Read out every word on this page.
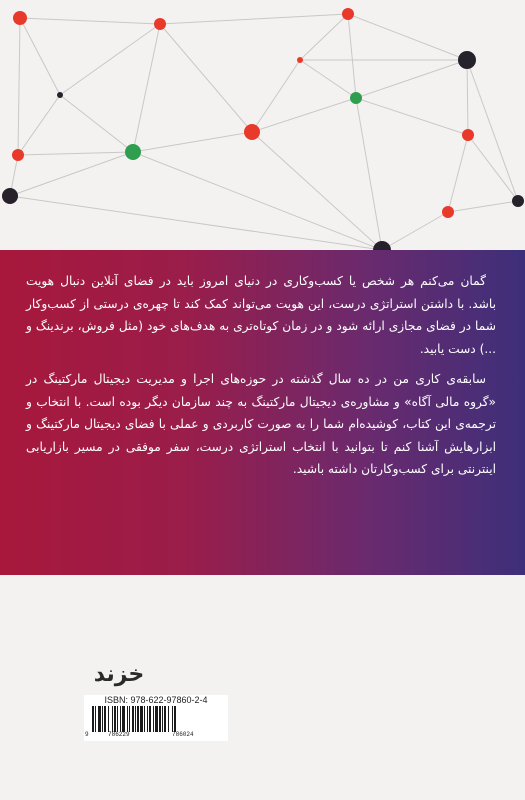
گمان می‌کنم هر شخص یا کسب‌وکاری در دنیای امروز باید در فضای آنلاین دنبال هویت باشد. با داشتن استراتژی درست، این هویت می‌تواند کمک کند تا چهره‌ی درستی از کسب‌وکار شما در فضای مجازی ارائه شود و در زمان کوتاه‌تری به هدف‌های خود (مثل فروش، برندینگ و ...) دست یابید.

سابقه‌ی کاری من در ده سال گذشته در حوزه‌های اجرا و مدیریت دیجیتال مارکتینگ در «گروه مالی آگاه» و مشاوره‌ی دیجیتال مارکتینگ به چند سازمان دیگر بوده است. با انتخاب و ترجمه‌ی این کتاب، کوشیده‌ام شما را به صورت کاربردی و عملی با فضای دیجیتال مارکتینگ و ابزارهایش آشنا کنم تا بتوانید با انتخاب استراتژی درست، سفر موفقی در مسیر بازاریابی اینترنتی برای کسب‌وکارتان داشته باشید.

خزند
ISBN: 978-622-97860-2-4
9	786229	786024
